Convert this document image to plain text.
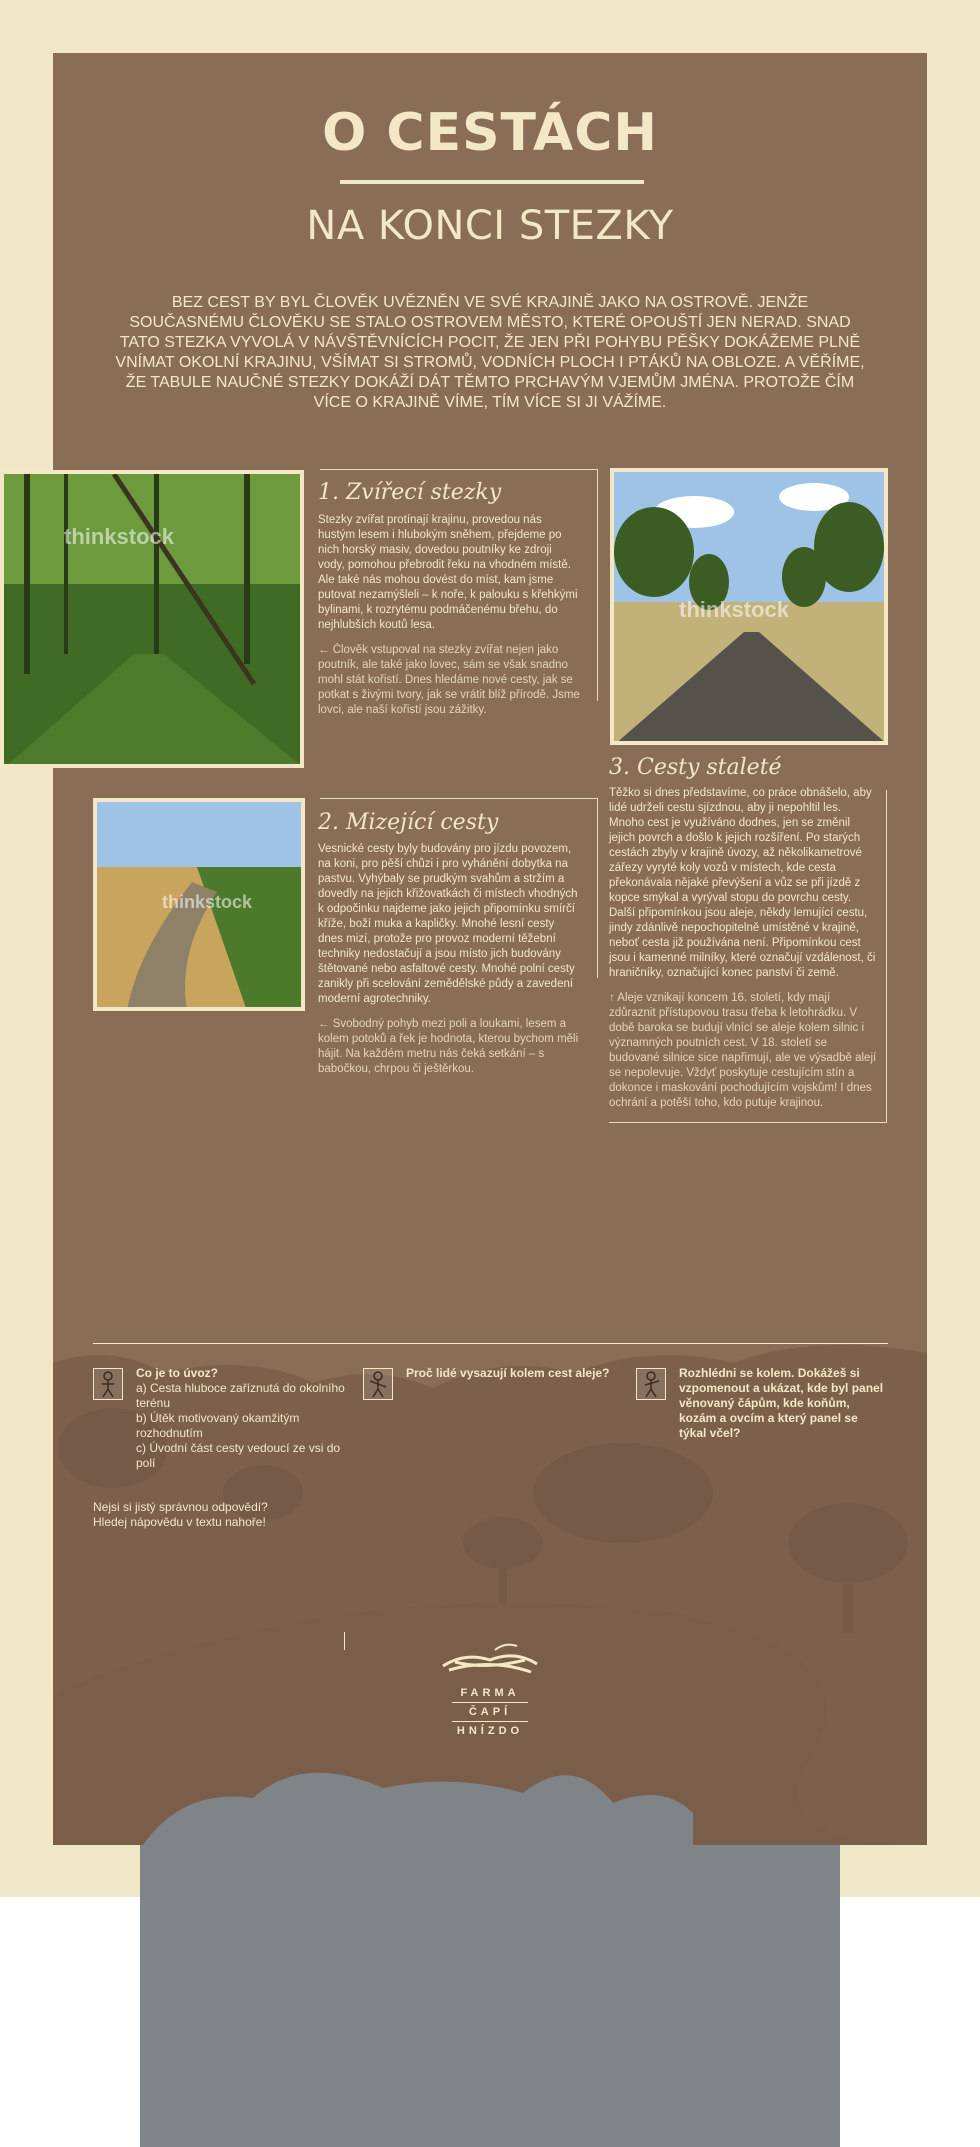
O CESTÁCH
NA KONCI STEZKY
BEZ CEST BY BYL ČLOVĚK UVĚZNĚN VE SVÉ KRAJINĚ JAKO NA OSTROVĚ. JENŽE SOUČASNÉMU ČLOVĚKU SE STALO OSTROVEM MĚSTO, KTERÉ OPOUŠTÍ JEN NERAD. SNAD TATO STEZKA VYVOLÁ V NÁVŠTĚVNÍCÍCH POCIT, ŽE JEN PŘI POHYBU PĚŠKY DOKÁŽEME PLNĚ VNÍMAT OKOLNÍ KRAJINU, VŠÍMAT SI STROMŮ, VODNÍCH PLOCH I PTÁKŮ NA OBLOZE. A VĚŘÍME, ŽE TABULE NAUČNÉ STEZKY DOKÁŽÍ DÁT TĚMTO PRCHAVÝM VJEMŮM JMÉNA. PROTOŽE ČÍM VÍCE O KRAJINĚ VÍME, TÍM VÍCE SI JI VÁŽÍME.
thinkstock
1. Zvířecí stezky

Stezky zvířat protínají krajinu, provedou nás hustým lesem i hlubokým sněhem, přejdeme po nich horský masiv, dovedou poutníky ke zdroji vody, pomohou přebrodit řeku na vhodném místě. Ale také nás mohou dovést do míst, kam jsme putovat nezamýšleli – k noře, k palouku s křehkými bylinami, k rozrytému podmáčenému břehu, do nejhlubších koutů lesa.

← Člověk vstupoval na stezky zvířat nejen jako poutník, ale také jako lovec, sám se však snadno mohl stát kořistí. Dnes hledáme nové cesty, jak se potkat s živými tvory, jak se vrátit blíž přírodě. Jsme lovci, ale naší kořistí jsou zážitky.

thinkstock
3. Cesty staleté

Těžko si dnes představíme, co práce obnášelo, aby lidé udrželi cestu sjízdnou, aby ji nepohltil les. Mnoho cest je využíváno dodnes, jen se změnil jejich povrch a došlo k jejich rozšíření. Po starých cestách zbyly v krajině úvozy, až několikametrové zářezy vyryté koly vozů v místech, kde cesta překonávala nějaké převýšení a vůz se při jízdě z kopce smýkal a vyrýval stopu do povrchu cesty. Další připomínkou jsou aleje, někdy lemující cestu, jindy zdánlivě nepochopitelně umístěné v krajině, neboť cesta již používána není. Připomínkou cest jsou i kamenné milníky, které označují vzdálenost, či hraničníky, označující konec panství či země.

↑ Aleje vznikají koncem 16. století, kdy mají zdůraznit přístupovou trasu třeba k letohrádku. V době baroka se budují vlnící se aleje kolem silnic i významných poutních cest. V 18. století se budované silnice sice napřimují, ale ve výsadbě alejí se nepolevuje. Vždyť poskytuje cestujícím stín a dokonce i maskování pochodujícím vojskům! I dnes ochrání a potěší toho, kdo putuje krajinou.

thinkstock
2. Mizející cesty

Vesnické cesty byly budovány pro jízdu povozem, na koni, pro pěší chůzi i pro vyhánění dobytka na pastvu. Vyhýbaly se prudkým svahům a stržím a dovedly na jejich křižovatkách či místech vhodných k odpočinku najdeme jako jejich připomínku smírčí kříže, boží muka a kapličky. Mnohé lesní cesty dnes mizí, protože pro provoz moderní těžební techniky nedostačují a jsou místo jich budovány štětované nebo asfaltové cesty. Mnohé polní cesty zanikly při scelování zemědělské půdy a zavedení moderní agrotechniky.

← Svobodný pohyb mezi poli a loukami, lesem a kolem potoků a řek je hodnota, kterou bychom měli hájit. Na každém metru nás čeká setkání – s babočkou, chrpou či ještěrkou.

Co je to úvoz?
a) Cesta hluboce zaříznutá do okolního terénu
b) Útěk motivovaný okamžitým rozhodnutím
c) Úvodní část cesty vedoucí ze vsi do polí
Proč lidé vysazují kolem cest aleje?	Rozhlédni se kolem. Dokážeš si vzpomenout a ukázat, kde byl panel věnovaný čápům, kde koňům, kozám a ovcím a který panel se týkal včel?
Nejsi si jistý správnou odpovědí? Hledej nápovědu v textu nahoře!
FARMA
ČAPÍ
HNÍZDO
